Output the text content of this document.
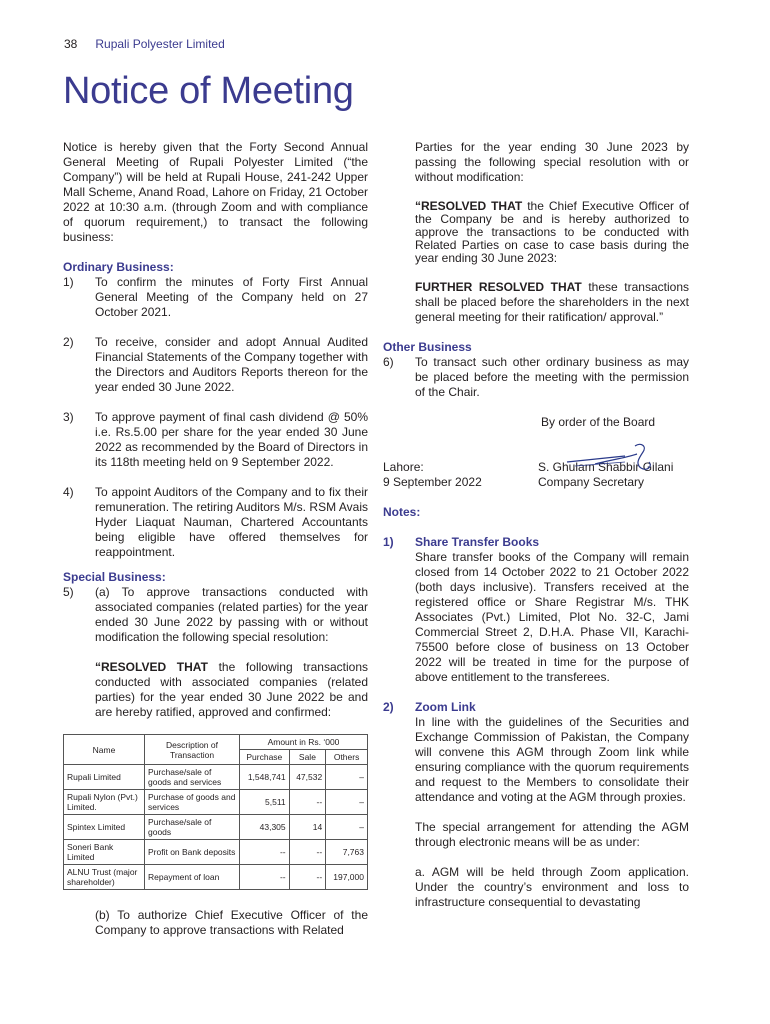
38 Rupali Polyester Limited
Notice of Meeting

Notice is hereby given that the Forty Second Annual General Meeting of Rupali Polyester Limited (“the Company”) will be held at Rupali House, 241-242 Upper Mall Scheme, Anand Road, Lahore on Friday, 21 October 2022 at 10:30 a.m. (through Zoom and with compliance of quorum requirement,) to transact the following business:

Ordinary Business:

1)	To confirm the minutes of Forty First Annual General Meeting of the Company held on 27 October 2021.
2)	To receive, consider and adopt Annual Audited Financial Statements of the Company together with the Directors and Auditors Reports thereon for the year ended 30 June 2022.
3)	To approve payment of final cash dividend @ 50% i.e. Rs.5.00 per share for the year ended 30 June 2022 as recommended by the Board of Directors in its 118th meeting held on 9 September 2022.
4)	To appoint Auditors of the Company and to fix their remuneration. The retiring Auditors M/s. RSM Avais Hyder Liaquat Nauman, Chartered Accountants being eligible have offered themselves for reappointment.

Special Business:

5)	(a) To approve transactions conducted with associated companies (related parties) for the year ended 30 June 2022 by passing with or without modification the following special resolution:

“RESOLVED THAT the following transactions conducted with associated companies (related parties) for the year ended 30 June 2022 be and are hereby ratified, approved and confirmed:

Name	Description of Transaction	Amount in Rs. ‘000		
		Purchase	Sale	Others
Rupali Limited	Purchase/sale of goods and services	1,548,741	47,532	–
Rupali Nylon (Pvt.) Limited.	Purchase of goods and services	5,511	--	–
Spintex Limited	Purchase/sale of goods	43,305	14	–
Soneri Bank Limited	Profit on Bank deposits	--	--	7,763
ALNU Trust (major shareholder)	Repayment of loan	--	--	197,000

(b) To authorize Chief Executive Officer of the Company to approve transactions with Related

Parties for the year ending 30 June 2023 by passing the following special resolution with or without modification:

“RESOLVED THAT the Chief Executive Officer of the Company be and is hereby authorized to approve the transactions to be conducted with Related Parties on case to case basis during the year ending 30 June 2023:

FURTHER RESOLVED THAT these transactions shall be placed before the shareholders in the next general meeting for their ratification/ approval.”

Other Business

6)	To transact such other ordinary business as may be placed before the meeting with the permission of the Chair.

By order of the Board

Lahore:	S. Ghulam Shabbir Gilani
9 September 2022	Company Secretary

Notes:

1)	Share Transfer Books

Share transfer books of the Company will remain closed from 14 October 2022 to 21 October 2022 (both days inclusive). Transfers received at the registered office or Share Registrar M/s. THK Associates (Pvt.) Limited, Plot No. 32-C, Jami Commercial Street 2, D.H.A. Phase VII, Karachi-75500 before close of business on 13 October 2022 will be treated in time for the purpose of above entitlement to the transferees.

2)	Zoom Link

In line with the guidelines of the Securities and Exchange Commission of Pakistan, the Company will convene this AGM through Zoom link while ensuring compliance with the quorum requirements and request to the Members to consolidate their attendance and voting at the AGM through proxies.

The special arrangement for attending the AGM through electronic means will be as under:

a. AGM will be held through Zoom application. Under the country’s environment and loss to infrastructure consequential to devastating
